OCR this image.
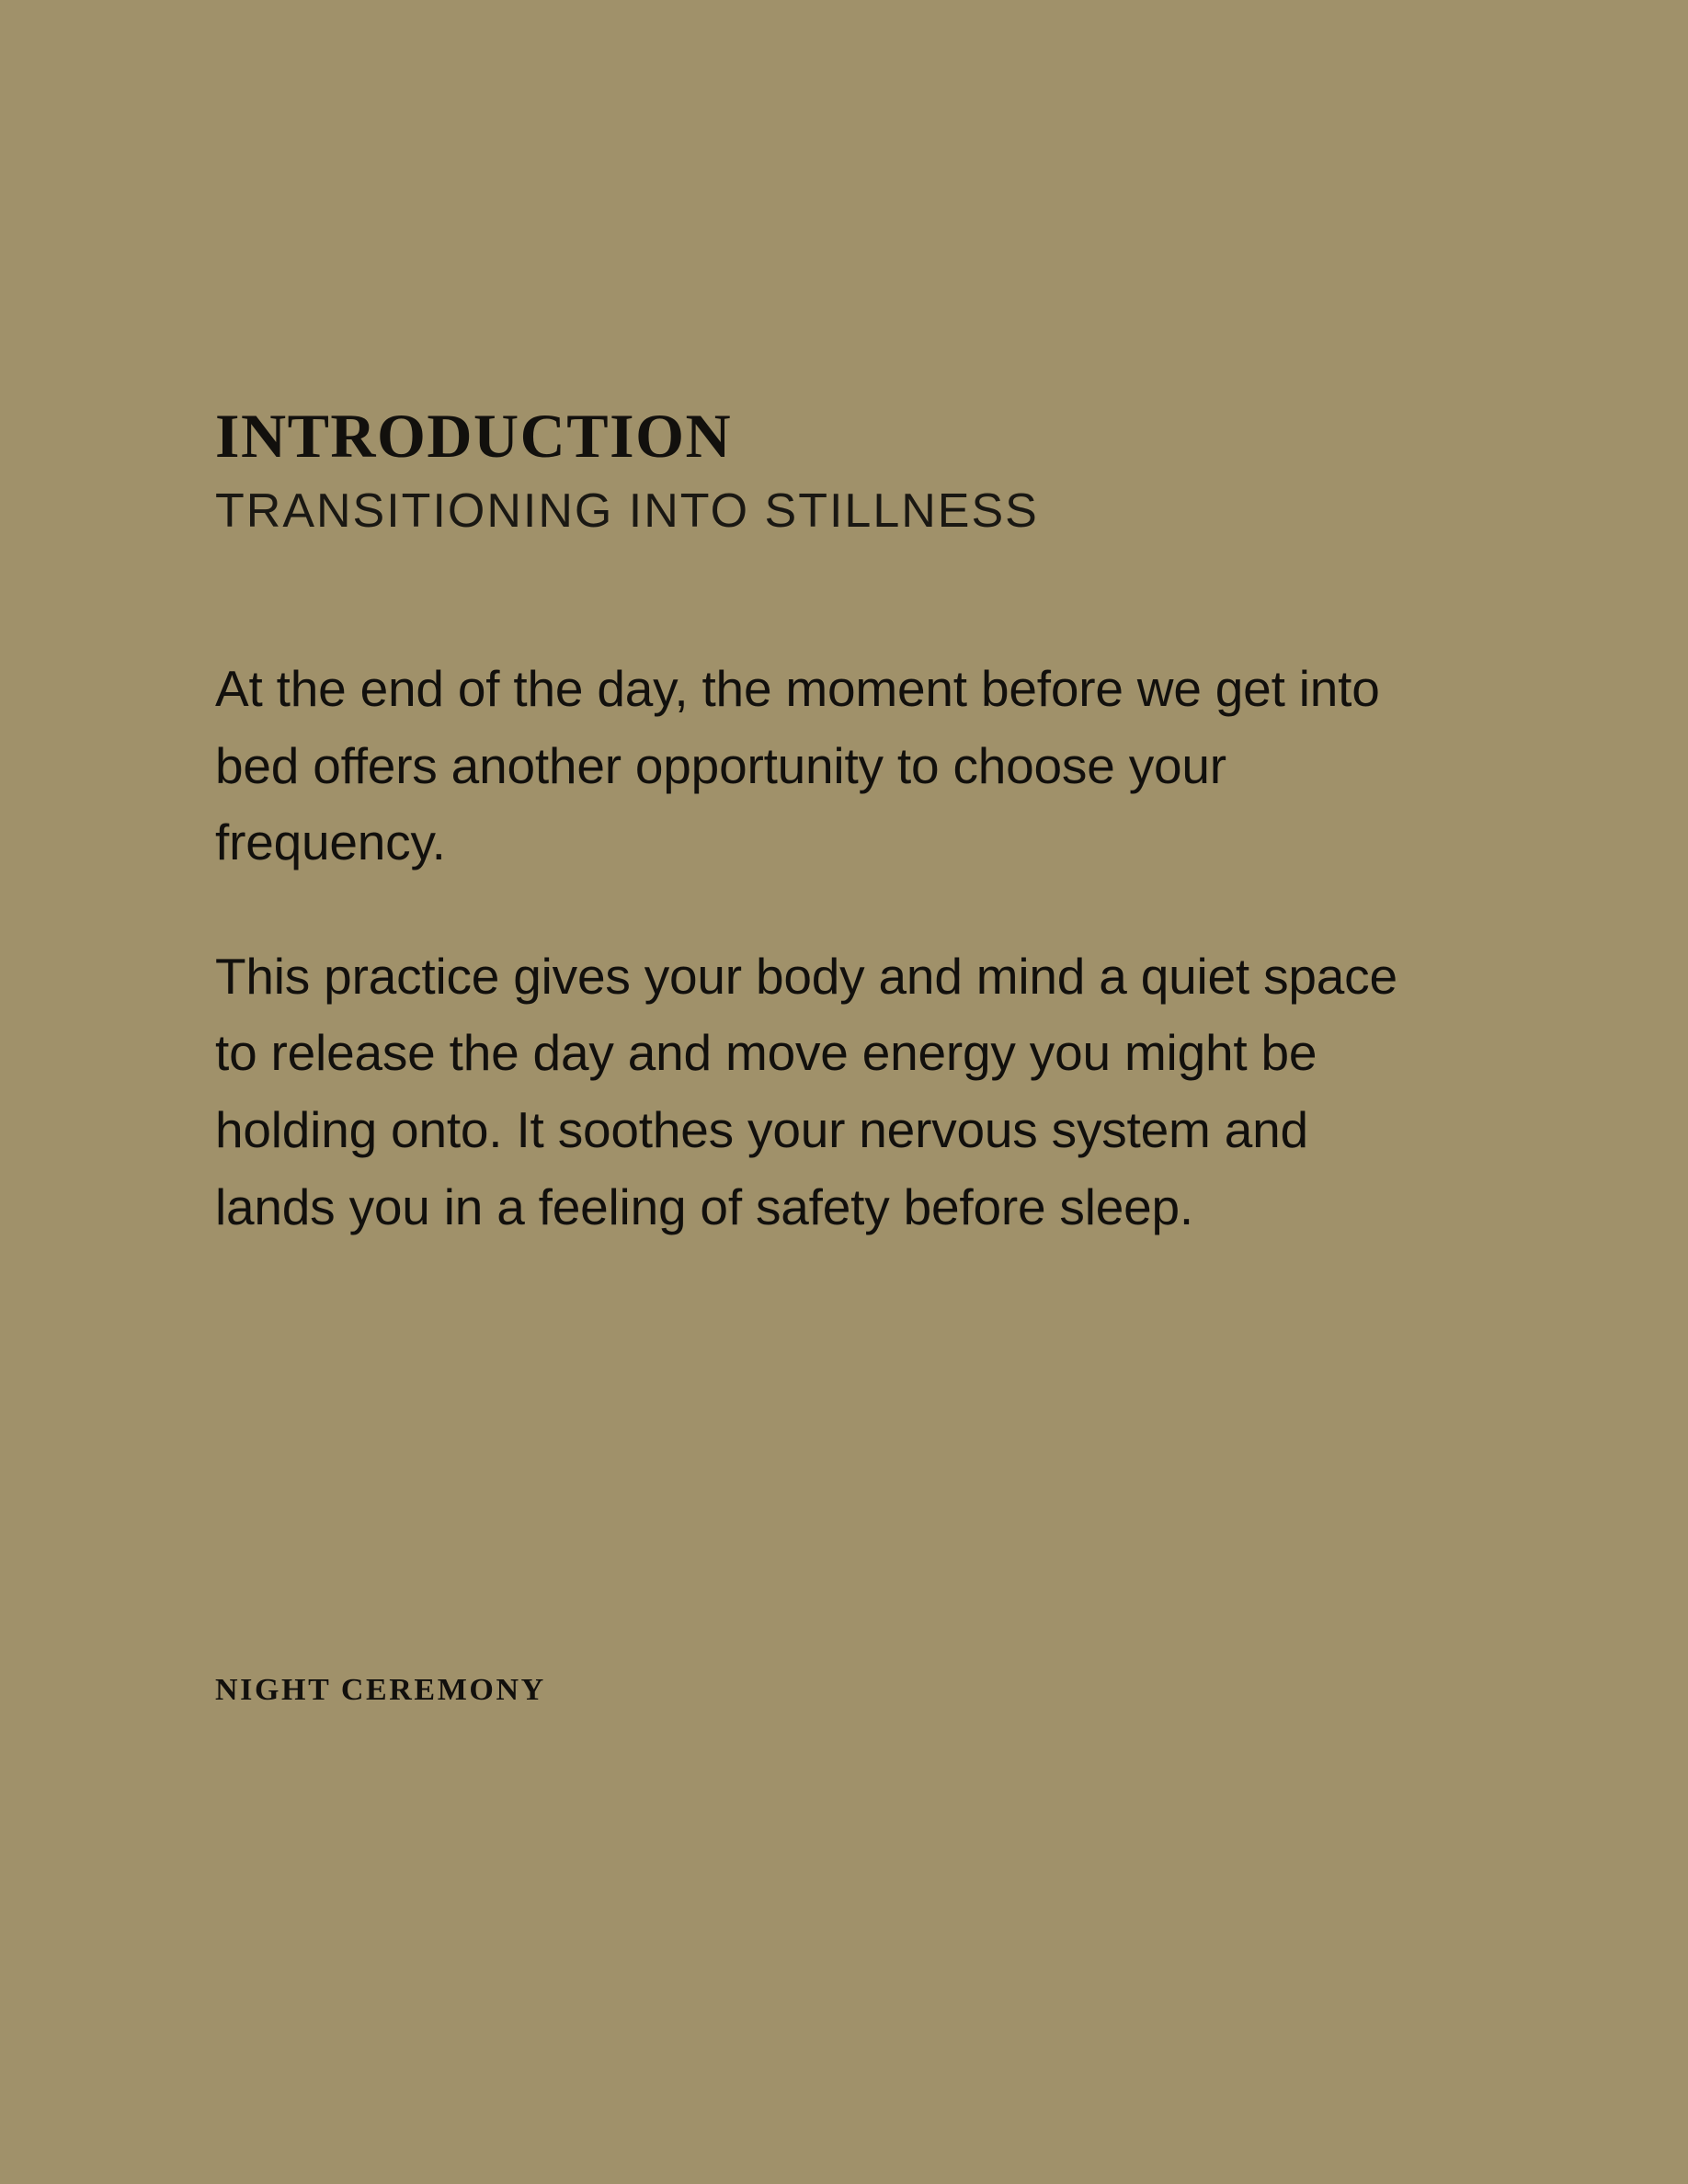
INTRODUCTION
TRANSITIONING INTO STILLNESS

At the end of the day, the moment before we get into bed offers another opportunity to choose your frequency.

This practice gives your body and mind a quiet space to release the day and move energy you might be holding onto. It soothes your nervous system and lands you in a feeling of safety before sleep.

NIGHT CEREMONY
